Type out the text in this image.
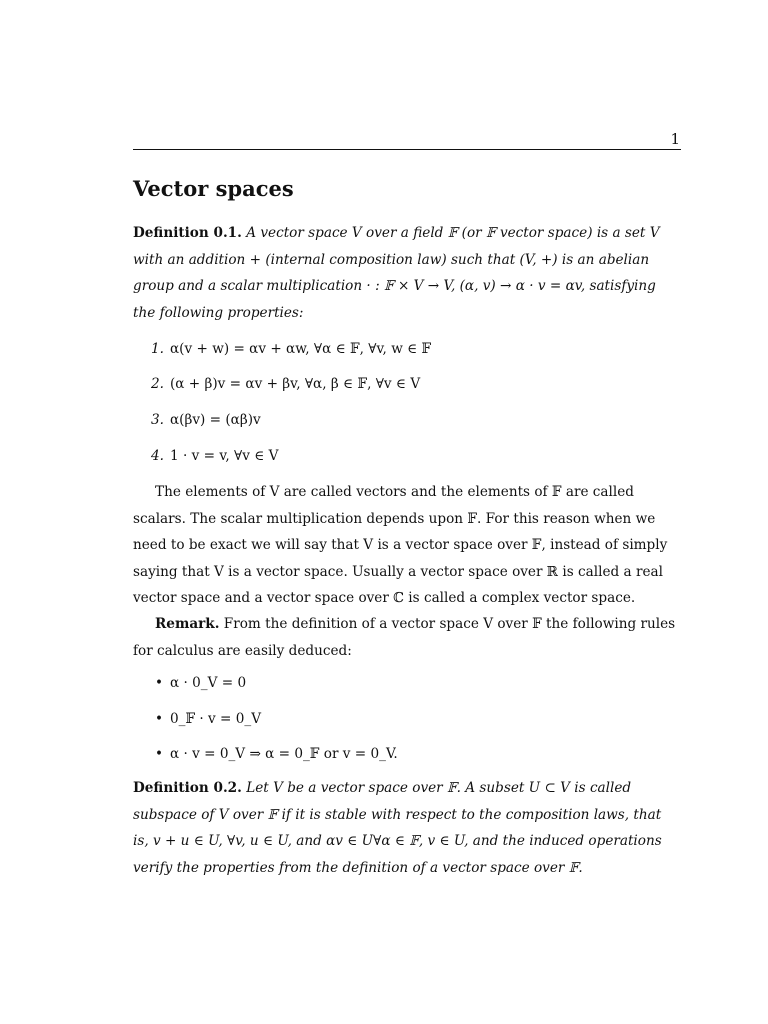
1
Vector spaces
Definition 0.1. A vector space V over a field 𝔽 (or 𝔽 vector space) is a set V with an addition + (internal composition law) such that (V, +) is an abelian group and a scalar multiplication · : 𝔽 × V → V, (α, v) → α · v = αv, satisfying the following properties:
1. α(v + w) = αv + αw, ∀α ∈ 𝔽, ∀v, w ∈ 𝔽
2. (α + β)v = αv + βv, ∀α, β ∈ 𝔽, ∀v ∈ V
3. α(βv) = (αβ)v
4. 1 · v = v, ∀v ∈ V
The elements of V are called vectors and the elements of 𝔽 are called scalars. The scalar multiplication depends upon 𝔽. For this reason when we need to be exact we will say that V is a vector space over 𝔽, instead of simply saying that V is a vector space. Usually a vector space over ℝ is called a real vector space and a vector space over ℂ is called a complex vector space.
Remark. From the definition of a vector space V over 𝔽 the following rules for calculus are easily deduced:
• α · 0_V = 0
• 0_𝔽 · v = 0_V
• α · v = 0_V ⇒ α = 0_𝔽 or v = 0_V.
Definition 0.2. Let V be a vector space over 𝔽. A subset U ⊂ V is called subspace of V over 𝔽 if it is stable with respect to the composition laws, that is, v + u ∈ U, ∀v, u ∈ U, and αv ∈ U∀α ∈ 𝔽, v ∈ U, and the induced operations verify the properties from the definition of a vector space over 𝔽.
